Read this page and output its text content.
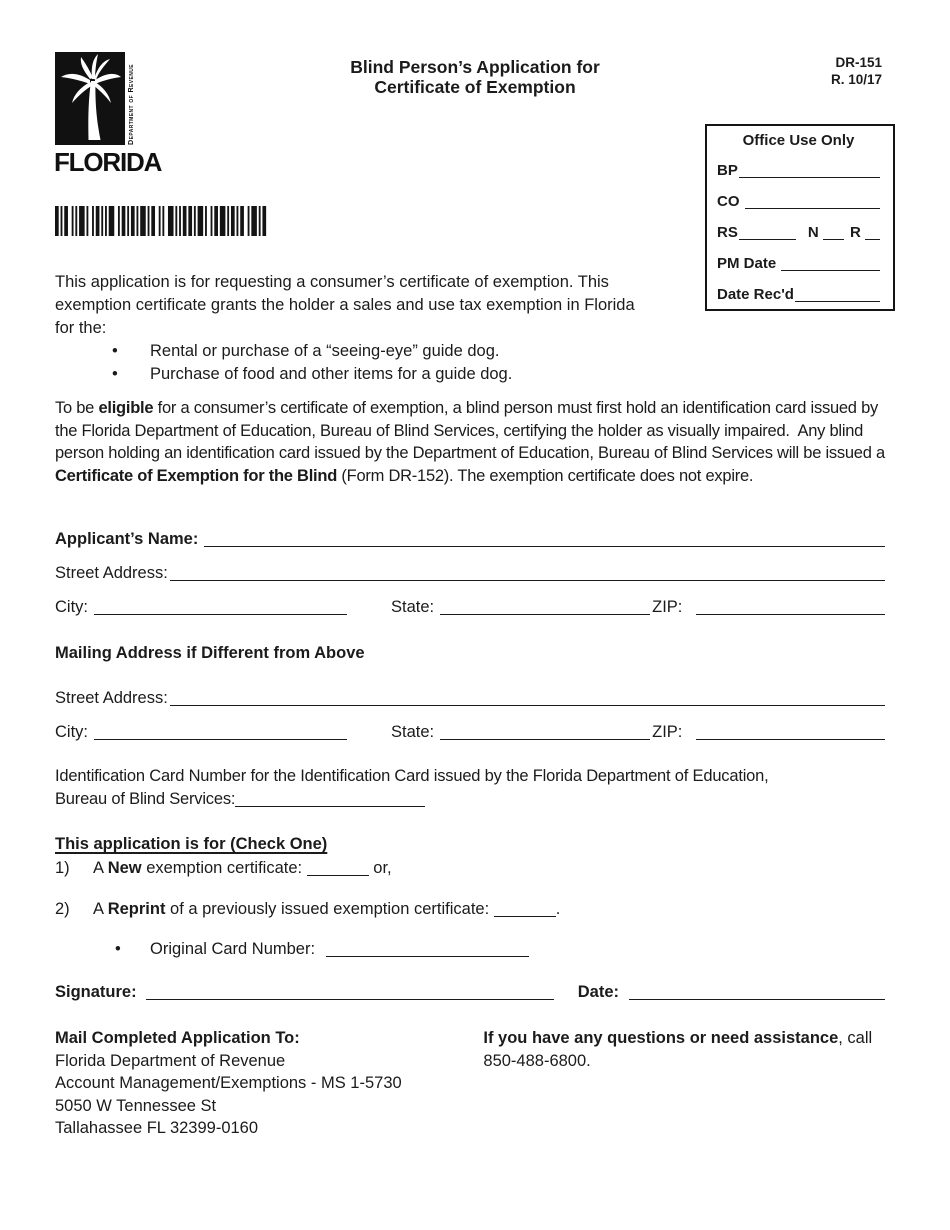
Department of Revenue
FLORIDA
Blind Person’s Application for
Certificate of Exemption
DR-151
R. 10/17
Office Use Only
BP
CO
RS	N R
PM Date
Date Rec'd
This application is for requesting a consumer’s certificate of exemption. This exemption certificate grants the holder a sales and use tax exemption in Florida for the:
• Rental or purchase of a “seeing-eye” guide dog.
• Purchase of food and other items for a guide dog.
To be eligible for a consumer’s certificate of exemption, a blind person must first hold an identification card issued by the Florida Department of Education, Bureau of Blind Services, certifying the holder as visually impaired.  Any blind person holding an identification card issued by the Department of Education, Bureau of Blind Services will be issued a Certificate of Exemption for the Blind (Form DR-152). The exemption certificate does not expire.
Applicant’s Name:
Street Address:
City:	State:	ZIP:
Mailing Address if Different from Above
Street Address:
City:	State:	ZIP:
Identification Card Number for the Identification Card issued by the Florida Department of Education,
Bureau of Blind Services:
This application is for (Check One)
1) A New exemption certificate:	or,
2) A Reprint of a previously issued exemption certificate:	.
• Original Card Number:
Signature:	Date:
Mail Completed Application To:
Florida Department of Revenue
Account Management/Exemptions - MS 1-5730
5050 W Tennessee St
Tallahassee FL 32399-0160
If you have any questions or need assistance, call 850-488-6800.
